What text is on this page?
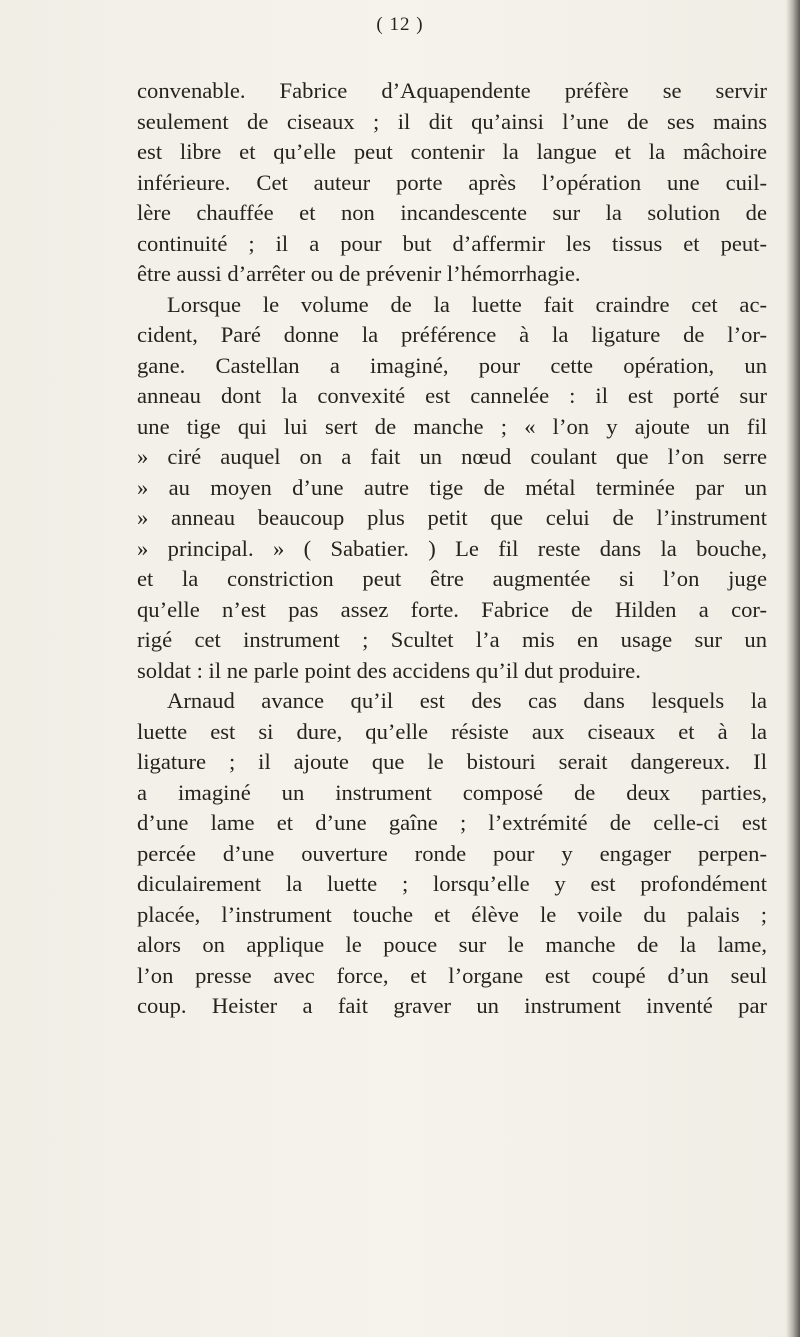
( 12 )
convenable. Fabrice d’Aquapendente préfère se servir
seulement de ciseaux ; il dit qu’ainsi l’une de ses mains
est libre et qu’elle peut contenir la langue et la mâchoire
inférieure. Cet auteur porte après l’opération une cuil-
lère chauffée et non incandescente sur la solution de
continuité ; il a pour but d’affermir les tissus et peut-
être aussi d’arrêter ou de prévenir l’hémorrhagie.
Lorsque le volume de la luette fait craindre cet ac-
cident, Paré donne la préférence à la ligature de l’or-
gane. Castellan a imaginé, pour cette opération, un
anneau dont la convexité est cannelée : il est porté sur
une tige qui lui sert de manche ; « l’on y ajoute un fil
» ciré auquel on a fait un nœud coulant que l’on serre
» au moyen d’une autre tige de métal terminée par un
» anneau beaucoup plus petit que celui de l’instrument
» principal. » ( Sabatier. ) Le fil reste dans la bouche,
et la constriction peut être augmentée si l’on juge
qu’elle n’est pas assez forte. Fabrice de Hilden a cor-
rigé cet instrument ; Scultet l’a mis en usage sur un
soldat : il ne parle point des accidens qu’il dut produire.
Arnaud avance qu’il est des cas dans lesquels la
luette est si dure, qu’elle résiste aux ciseaux et à la
ligature ; il ajoute que le bistouri serait dangereux. Il
a imaginé un instrument composé de deux parties,
d’une lame et d’une gaîne ; l’extrémité de celle-ci est
percée d’une ouverture ronde pour y engager perpen-
diculairement la luette ; lorsqu’elle y est profondément
placée, l’instrument touche et élève le voile du palais ;
alors on applique le pouce sur le manche de la lame,
l’on presse avec force, et l’organe est coupé d’un seul
coup. Heister a fait graver un instrument inventé par
